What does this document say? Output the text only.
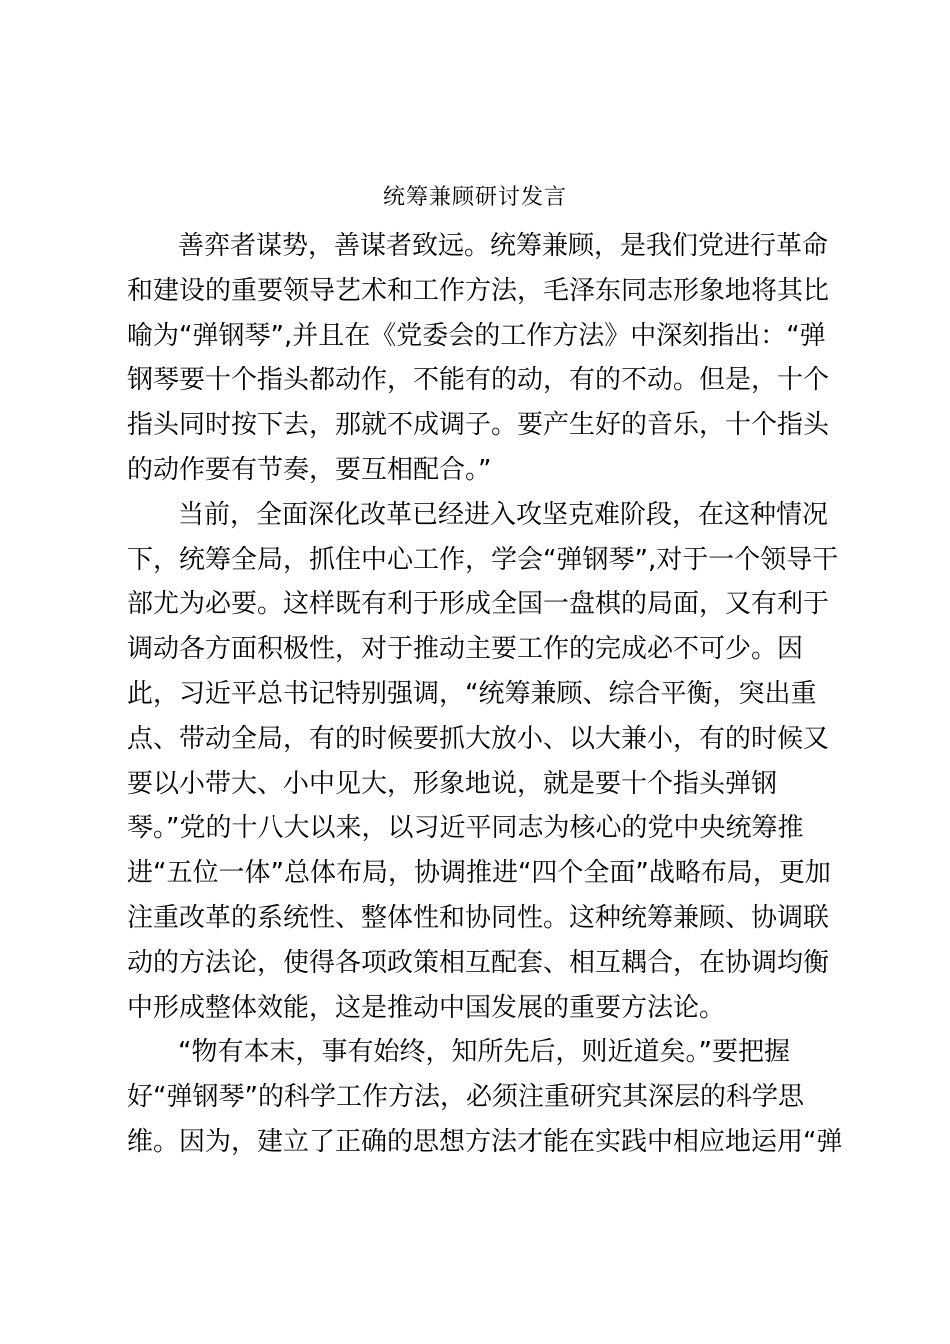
统筹兼顾研讨发言
善弈者谋势，善谋者致远。统筹兼顾，是我们党进行革命
和建设的重要领导艺术和工作方法，毛泽东同志形象地将其比
喻为“弹钢琴”,并且在《党委会的工作方法》中深刻指出：“弹
钢琴要十个指头都动作，不能有的动，有的不动。但是，十个
指头同时按下去，那就不成调子。要产生好的音乐，十个指头
的动作要有节奏，要互相配合。”
当前，全面深化改革已经进入攻坚克难阶段，在这种情况
下，统筹全局，抓住中心工作，学会“弹钢琴”,对于一个领导干
部尤为必要。这样既有利于形成全国一盘棋的局面，又有利于
调动各方面积极性，对于推动主要工作的完成必不可少。因
此，习近平总书记特别强调，“统筹兼顾、综合平衡，突出重
点、带动全局，有的时候要抓大放小、以大兼小，有的时候又
要以小带大、小中见大，形象地说，就是要十个指头弹钢
琴。”党的十八大以来，以习近平同志为核心的党中央统筹推
进“五位一体”总体布局，协调推进“四个全面”战略布局，更加
注重改革的系统性、整体性和协同性。这种统筹兼顾、协调联
动的方法论，使得各项政策相互配套、相互耦合，在协调均衡
中形成整体效能，这是推动中国发展的重要方法论。
“物有本末，事有始终，知所先后，则近道矣。”要把握
好“弹钢琴”的科学工作方法，必须注重研究其深层的科学思
维。因为，建立了正确的思想方法才能在实践中相应地运用“弹
